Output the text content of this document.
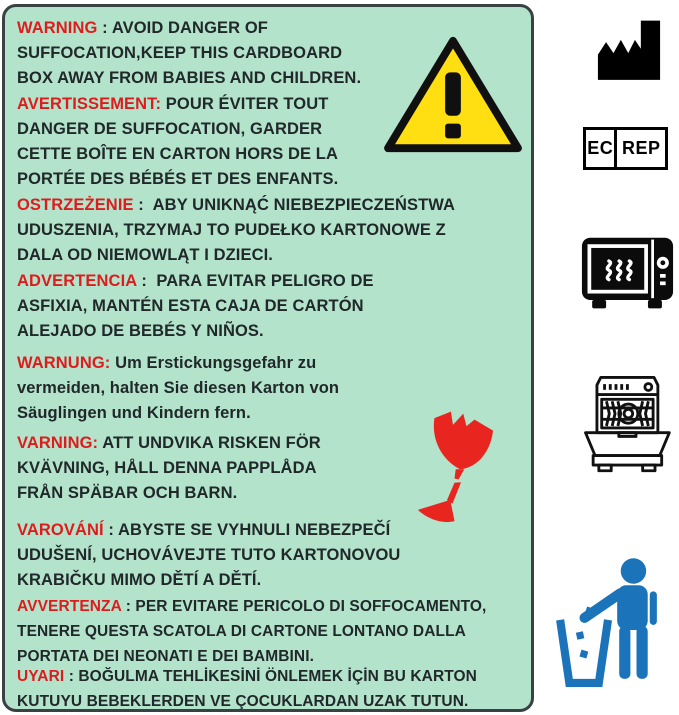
WARNING : AVOID DANGER OF SUFFOCATION,KEEP THIS CARDBOARD BOX AWAY FROM BABIES AND CHILDREN.

AVERTISSEMENT: POUR ÉVITER TOUT DANGER DE SUFFOCATION, GARDER CETTE BOÎTE EN CARTON HORS DE LA PORTÉE DES BÉBÉS ET DES ENFANTS.

OSTRZEŻENIE :  ABY UNIKNĄĆ NIEBEZPIECZEŃSTWA UDUSZENIA, TRZYMAJ TO PUDEŁKO KARTONOWE Z DALA OD NIEMOWLĄT I DZIECI.

ADVERTENCIA :  PARA EVITAR PELIGRO DE ASFIXIA, MANTÉN ESTA CAJA DE CARTÓN ALEJADO DE BEBÉS Y NIÑOS.

WARNUNG: Um Erstickungsgefahr zu vermeiden, halten Sie diesen Karton von Säuglingen und Kindern fern.

VARNING: ATT UNDVIKA RISKEN FÖR KVÄVNING, HÅLL DENNA PAPPLÅDA FRÅN SPÄBAR OCH BARN.

VAROVÁNÍ : ABYSTE SE VYHNULI NEBEZPEČÍ UDUŠENÍ, UCHOVÁVEJTE TUTO KARTONOVOU KRABIČKU MIMO DĚTÍ A DĚTÍ.

AVVERTENZA : PER EVITARE PERICOLO DI SOFFOCAMENTO, TENERE QUESTA SCATOLA DI CARTONE LONTANO DALLA PORTATA DEI NEONATI E DEI BAMBINI.

UYARI : BOĞULMA TEHLİKESİNİ ÖNLEMEK İÇİN BU KARTON KUTUYU BEBEKLERDEN VE ÇOCUKLARDAN UZAK TUTUN.

EC REP
